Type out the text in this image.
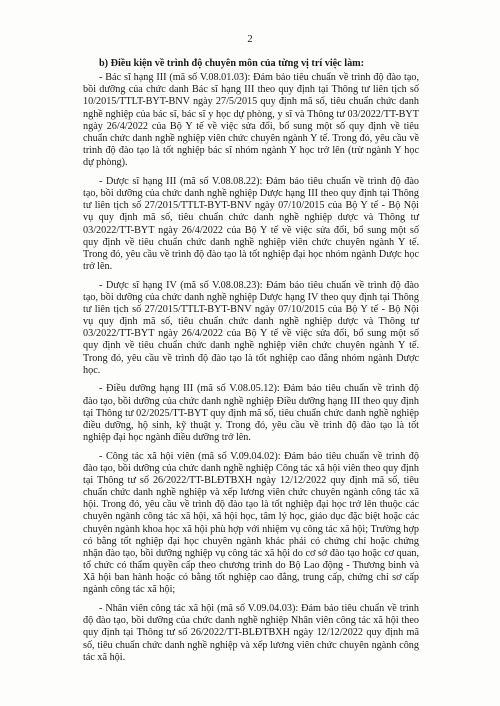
2

b) Điều kiện về trình độ chuyên môn của từng vị trí việc làm:

- Bác sĩ hạng III (mã số V.08.01.03): Đảm bảo tiêu chuẩn về trình độ đào tạo, bồi dưỡng của chức danh Bác sĩ hạng III theo quy định tại Thông tư liên tịch số 10/2015/TTLT-BYT-BNV ngày 27/5/2015 quy định mã số, tiêu chuẩn chức danh nghề nghiệp của bác sĩ, bác sĩ y học dự phòng, y sĩ và Thông tư 03/2022/TT-BYT ngày 26/4/2022 của Bộ Y tế về việc sửa đổi, bổ sung một số quy định về tiêu chuẩn chức danh nghề nghiệp viên chức chuyên ngành Y tế. Trong đó, yêu cầu về trình độ đào tạo là tốt nghiệp bác sĩ nhóm ngành Y học trở lên (trừ ngành Y học dự phòng).

- Dược sĩ hạng III (mã số V.08.08.22): Đảm bảo tiêu chuẩn về trình độ đào tạo, bồi dưỡng của chức danh nghề nghiệp Dược hạng III theo quy định tại Thông tư liên tịch số 27/2015/TTLT-BYT-BNV ngày 07/10/2015 của Bộ Y tế - Bộ Nội vụ quy định mã số, tiêu chuẩn chức danh nghề nghiệp dược và Thông tư 03/2022/TT-BYT ngày 26/4/2022 của Bộ Y tế về việc sửa đổi, bổ sung một số quy định về tiêu chuẩn chức danh nghề nghiệp viên chức chuyên ngành Y tế. Trong đó, yêu cầu về trình độ đào tạo là tốt nghiệp đại học nhóm ngành Dược học trở lên.

- Dược sĩ hạng IV (mã số V.08.08.23): Đảm bảo tiêu chuẩn về trình độ đào tạo, bồi dưỡng của chức danh nghề nghiệp Dược hạng IV theo quy định tại Thông tư liên tịch số 27/2015/TTLT-BYT-BNV ngày 07/10/2015 của Bộ Y tế - Bộ Nội vụ quy định mã số, tiêu chuẩn chức danh nghề nghiệp dược và Thông tư 03/2022/TT-BYT ngày 26/4/2022 của Bộ Y tế về việc sửa đổi, bổ sung một số quy định về tiêu chuẩn chức danh nghề nghiệp viên chức chuyên ngành Y tế. Trong đó, yêu cầu về trình độ đào tạo là tốt nghiệp cao đẳng nhóm ngành Dược học.

- Điều dưỡng hạng III (mã số V.08.05.12): Đảm bảo tiêu chuẩn về trình độ đào tạo, bồi dưỡng của chức danh nghề nghiệp Điều dưỡng hạng III theo quy định tại Thông tư 02/2025/TT-BYT quy định mã số, tiêu chuẩn chức danh nghề nghiệp điều dưỡng, hộ sinh, kỹ thuật y. Trong đó, yêu cầu về trình độ đào tạo là tốt nghiệp đại học ngành điều dưỡng trở lên.

- Công tác xã hội viên (mã số V.09.04.02): Đảm bảo tiêu chuẩn về trình độ đào tạo, bồi dưỡng của chức danh nghề nghiệp Công tác xã hội viên theo quy định tại Thông tư số 26/2022/TT-BLĐTBXH ngày 12/12/2022 quy định mã số, tiêu chuẩn chức danh nghề nghiệp và xếp lương viên chức chuyên ngành công tác xã hội. Trong đó, yêu cầu về trình độ đào tạo là tốt nghiệp đại học trở lên thuộc các chuyên ngành công tác xã hội, xã hội học, tâm lý học, giáo dục đặc biệt hoặc các chuyên ngành khoa học xã hội phù hợp với nhiệm vụ công tác xã hội; Trường hợp có bằng tốt nghiệp đại học chuyên ngành khác phải có chứng chỉ hoặc chứng nhận đào tạo, bồi dưỡng nghiệp vụ công tác xã hội do cơ sở đào tạo hoặc cơ quan, tổ chức có thẩm quyền cấp theo chương trình do Bộ Lao động - Thương binh và Xã hội ban hành hoặc có bằng tốt nghiệp cao đẳng, trung cấp, chứng chỉ sơ cấp ngành công tác xã hội;

- Nhân viên công tác xã hội (mã số V.09.04.03): Đảm bảo tiêu chuẩn về trình độ đào tạo, bồi dưỡng của chức danh nghề nghiệp Nhân viên công tác xã hội theo quy định tại Thông tư số 26/2022/TT-BLĐTBXH ngày 12/12/2022 quy định mã số, tiêu chuẩn chức danh nghề nghiệp và xếp lương viên chức chuyên ngành công tác xã hội.
